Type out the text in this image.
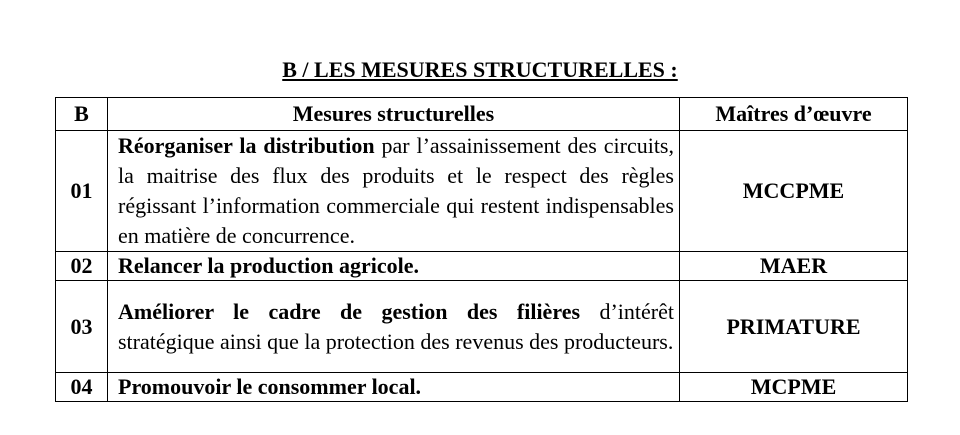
B / LES MESURES STRUCTURELLES :
B	Mesures structurelles	Maîtres d’œuvre
01	Réorganiser la distribution par l’assainissement des circuits, la maitrise des flux des produits et le respect des règles régissant l’information commerciale qui restent indispensables en matière de concurrence.	MCCPME
02	Relancer la production agricole.	MAER
03	Améliorer le cadre de gestion des filières d’intérêt stratégique ainsi que la protection des revenus des producteurs.	PRIMATURE
04	Promouvoir le consommer local.	MCPME
